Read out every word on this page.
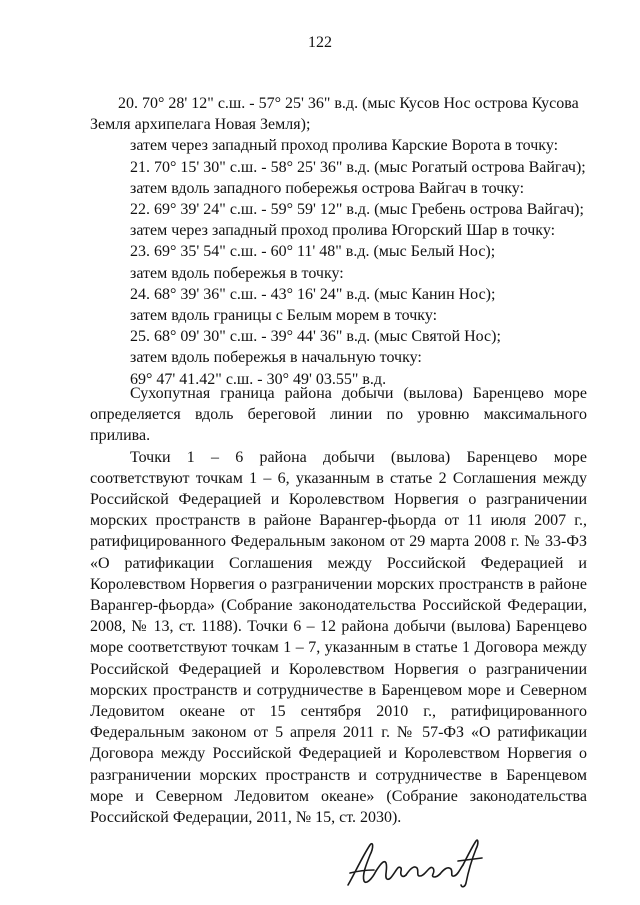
122
20. 70° 28' 12" с.ш. - 57° 25' 36" в.д. (мыс Кусов Нос острова Кусова
Земля архипелага Новая Земля);
затем через западный проход пролива Карские Ворота в точку:
21. 70° 15' 30" с.ш. - 58° 25' 36" в.д. (мыс Рогатый острова Вайгач);
затем вдоль западного побережья острова Вайгач в точку:
22. 69° 39' 24" с.ш. - 59° 59' 12" в.д. (мыс Гребень острова Вайгач);
затем через западный проход пролива Югорский Шар в точку:
23. 69° 35' 54" с.ш. - 60° 11' 48" в.д. (мыс Белый Нос);
затем вдоль побережья в точку:
24. 68° 39' 36" с.ш. - 43° 16' 24" в.д. (мыс Канин Нос);
затем вдоль границы с Белым морем в точку:
25. 68° 09' 30" с.ш. - 39° 44' 36" в.д. (мыс Святой Нос);
затем вдоль побережья в начальную точку:
69° 47' 41.42" с.ш. - 30° 49' 03.55" в.д.

Сухопутная граница района добычи (вылова) Баренцево море определяется вдоль береговой линии по уровню максимального прилива.

Точки 1 – 6 района добычи (вылова) Баренцево море соответствуют точкам 1 – 6, указанным в статье 2 Соглашения между Российской Федерацией и Королевством Норвегия о разграничении морских пространств в районе Варангер-фьорда от 11 июля 2007 г., ратифицированного Федеральным законом от 29 марта 2008 г. № 33-ФЗ «О ратификации Соглашения между Российской Федерацией и Королевством Норвегия о разграничении морских пространств в районе Варангер-фьорда» (Собрание законодательства Российской Федерации, 2008, № 13, ст. 1188). Точки 6 – 12 района добычи (вылова) Баренцево море соответствуют точкам 1 – 7, указанным в статье 1 Договора между Российской Федерацией и Королевством Норвегия о разграничении морских пространств и сотрудничестве в Баренцевом море и Северном Ледовитом океане от 15 сентября 2010 г., ратифицированного Федеральным законом от 5 апреля 2011 г. № 57-ФЗ «О ратификации Договора между Российской Федерацией и Королевством Норвегия о разграничении морских пространств и сотрудничестве в Баренцевом море и Северном Ледовитом океане» (Собрание законодательства Российской Федерации, 2011, № 15, ст. 2030).
